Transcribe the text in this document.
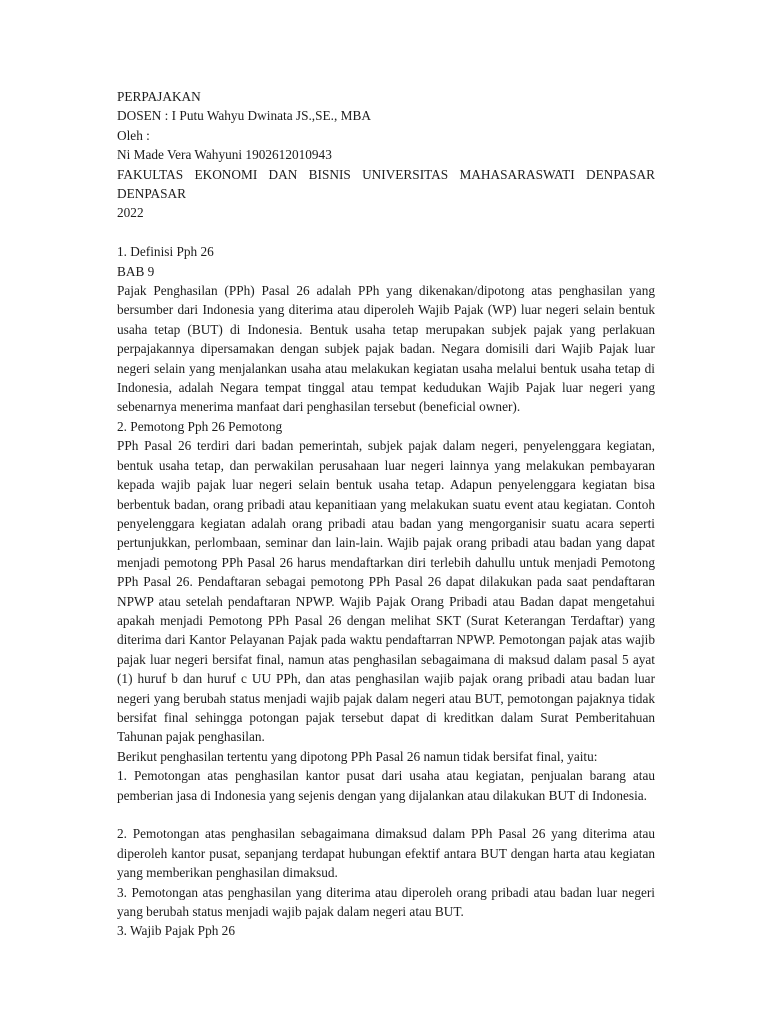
PERPAJAKAN
DOSEN : I Putu Wahyu Dwinata JS.,SE., MBA
Oleh :
Ni Made Vera Wahyuni 1902612010943
FAKULTAS EKONOMI DAN BISNIS UNIVERSITAS MAHASARASWATI DENPASAR DENPASAR
2022
1. Definisi Pph 26
BAB 9
Pajak Penghasilan (PPh) Pasal 26 adalah PPh yang dikenakan/dipotong atas penghasilan yang bersumber dari Indonesia yang diterima atau diperoleh Wajib Pajak (WP) luar negeri selain bentuk usaha tetap (BUT) di Indonesia. Bentuk usaha tetap merupakan subjek pajak yang perlakuan perpajakannya dipersamakan dengan subjek pajak badan. Negara domisili dari Wajib Pajak luar negeri selain yang menjalankan usaha atau melakukan kegiatan usaha melalui bentuk usaha tetap di Indonesia, adalah Negara tempat tinggal atau tempat kedudukan Wajib Pajak luar negeri yang sebenarnya menerima manfaat dari penghasilan tersebut (beneficial owner).
2. Pemotong Pph 26 Pemotong
PPh Pasal 26 terdiri dari badan pemerintah, subjek pajak dalam negeri, penyelenggara kegiatan, bentuk usaha tetap, dan perwakilan perusahaan luar negeri lainnya yang melakukan pembayaran kepada wajib pajak luar negeri selain bentuk usaha tetap. Adapun penyelenggara kegiatan bisa berbentuk badan, orang pribadi atau kepanitiaan yang melakukan suatu event atau kegiatan. Contoh penyelenggara kegiatan adalah orang pribadi atau badan yang mengorganisir suatu acara seperti pertunjukkan, perlombaan, seminar dan lain-lain. Wajib pajak orang pribadi atau badan yang dapat menjadi pemotong PPh Pasal 26 harus mendaftarkan diri terlebih dahullu untuk menjadi Pemotong PPh Pasal 26. Pendaftaran sebagai pemotong PPh Pasal 26 dapat dilakukan pada saat pendaftaran NPWP atau setelah pendaftaran NPWP. Wajib Pajak Orang Pribadi atau Badan dapat mengetahui apakah menjadi Pemotong PPh Pasal 26 dengan melihat SKT (Surat Keterangan Terdaftar) yang diterima dari Kantor Pelayanan Pajak pada waktu pendaftarran NPWP. Pemotongan pajak atas wajib pajak luar negeri bersifat final, namun atas penghasilan sebagaimana di maksud dalam pasal 5 ayat (1) huruf b dan huruf c UU PPh, dan atas penghasilan wajib pajak orang pribadi atau badan luar negeri yang berubah status menjadi wajib pajak dalam negeri atau BUT, pemotongan pajaknya tidak bersifat final sehingga potongan pajak tersebut dapat di kreditkan dalam Surat Pemberitahuan Tahunan pajak penghasilan.
Berikut penghasilan tertentu yang dipotong PPh Pasal 26 namun tidak bersifat final, yaitu:
1. Pemotongan atas penghasilan kantor pusat dari usaha atau kegiatan, penjualan barang atau pemberian jasa di Indonesia yang sejenis dengan yang dijalankan atau dilakukan BUT di Indonesia.
2. Pemotongan atas penghasilan sebagaimana dimaksud dalam PPh Pasal 26 yang diterima atau diperoleh kantor pusat, sepanjang terdapat hubungan efektif antara BUT dengan harta atau kegiatan yang memberikan penghasilan dimaksud.
3. Pemotongan atas penghasilan yang diterima atau diperoleh orang pribadi atau badan luar negeri yang berubah status menjadi wajib pajak dalam negeri atau BUT.
3. Wajib Pajak Pph 26
